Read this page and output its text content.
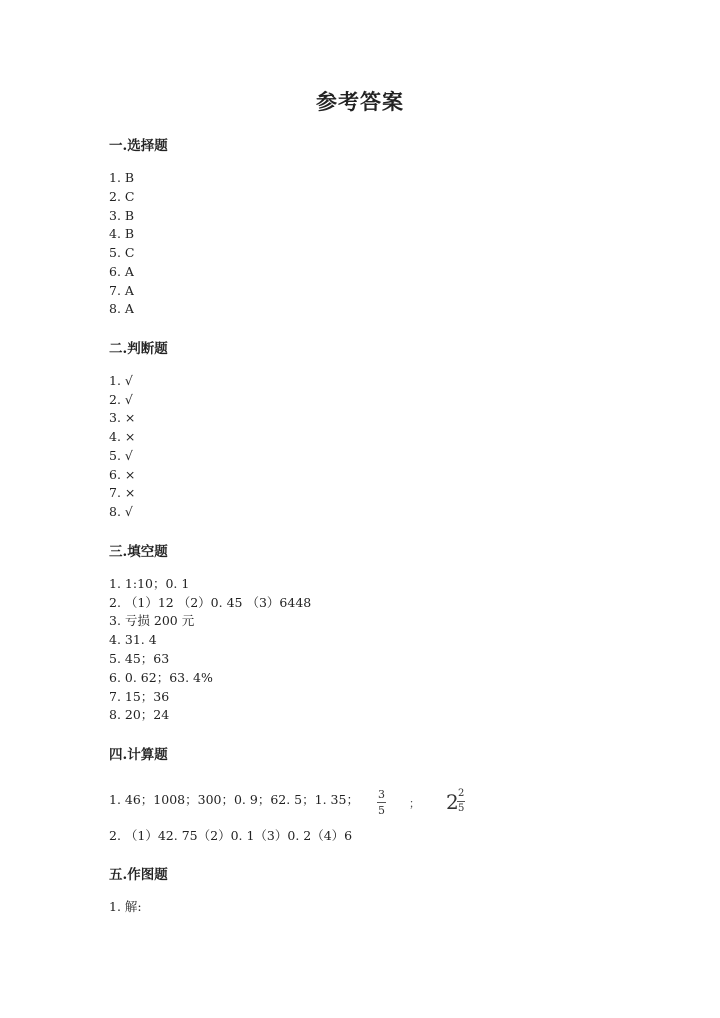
参考答案
一.选择题
1. B
2. C
3. B
4. B
5. C
6. A
7. A
8. A
二.判断题
1. √
2. √
3. ×
4. ×
5. √
6. ×
7. ×
8. √
三.填空题
1. 1:10；0. 1
2. （1）12 （2）0. 45 （3）6448
3. 亏损 200 元
4. 31. 4
5. 45；63
6. 0. 62；63. 4%
7. 15；36
8. 20；24
四.计算题
1. 46；1008；300；0. 9；62. 5；1. 35； $\frac{3}{5}$ ； 2
$\frac{2}{5}$
2. （1）42. 75（2）0. 1（3）0. 2（4）6
五.作图题
1. 解:
